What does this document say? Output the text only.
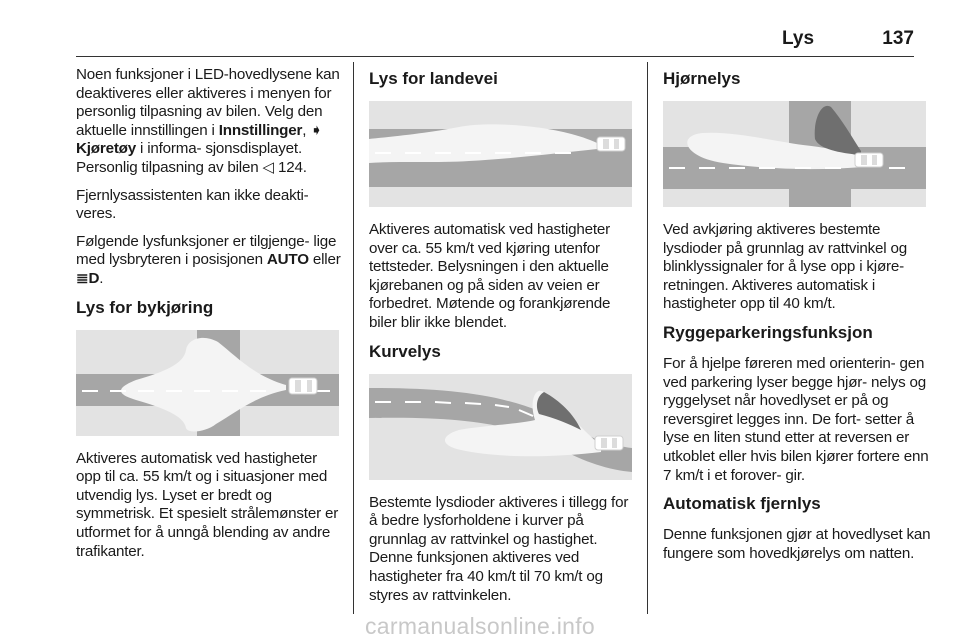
Lys	137

Noen funksjoner i LED-hovedlysene kan deaktiveres eller aktiveres i menyen for personlig tilpasning av bilen. Velg den aktuelle innstillingen i Innstillinger, ➧ Kjøretøy i informa- sjonsdisplayet. Personlig tilpasning av bilen ◁ 124.

Fjernlysassistenten kan ikke deakti- veres.

Følgende lysfunksjoner er tilgjenge- lige med lysbryteren i posisjonen AUTO eller ≣D.

Lys for bykjøring

Aktiveres automatisk ved hastigheter opp til ca. 55 km/t og i situasjoner med utvendig lys. Lyset er bredt og symmetrisk. Et spesielt strålemønster er utformet for å unngå blending av andre trafikanter.

Lys for landevei

Aktiveres automatisk ved hastigheter over ca. 55 km/t ved kjøring utenfor tettsteder. Belysningen i den aktuelle kjørebanen og på siden av veien er forbedret. Møtende og forankjørende biler blir ikke blendet.

Kurvelys

Bestemte lysdioder aktiveres i tillegg for å bedre lysforholdene i kurver på grunnlag av rattvinkel og hastighet. Denne funksjonen aktiveres ved hastigheter fra 40 km/t til 70 km/t og styres av rattvinkelen.

Hjørnelys

Ved avkjøring aktiveres bestemte lysdioder på grunnlag av rattvinkel og blinklyssignaler for å lyse opp i kjøre- retningen. Aktiveres automatisk i hastigheter opp til 40 km/t.

Ryggeparkeringsfunksjon

For å hjelpe føreren med orienterin- gen ved parkering lyser begge hjør- nelys og ryggelyset når hovedlyset er på og reversgiret legges inn. De fort- setter å lyse en liten stund etter at reversen er utkoblet eller hvis bilen kjører fortere enn 7 km/t i et forover- gir.

Automatisk fjernlys

Denne funksjonen gjør at hovedlyset kan fungere som hovedkjørelys om natten.

carmanualsonline.info
